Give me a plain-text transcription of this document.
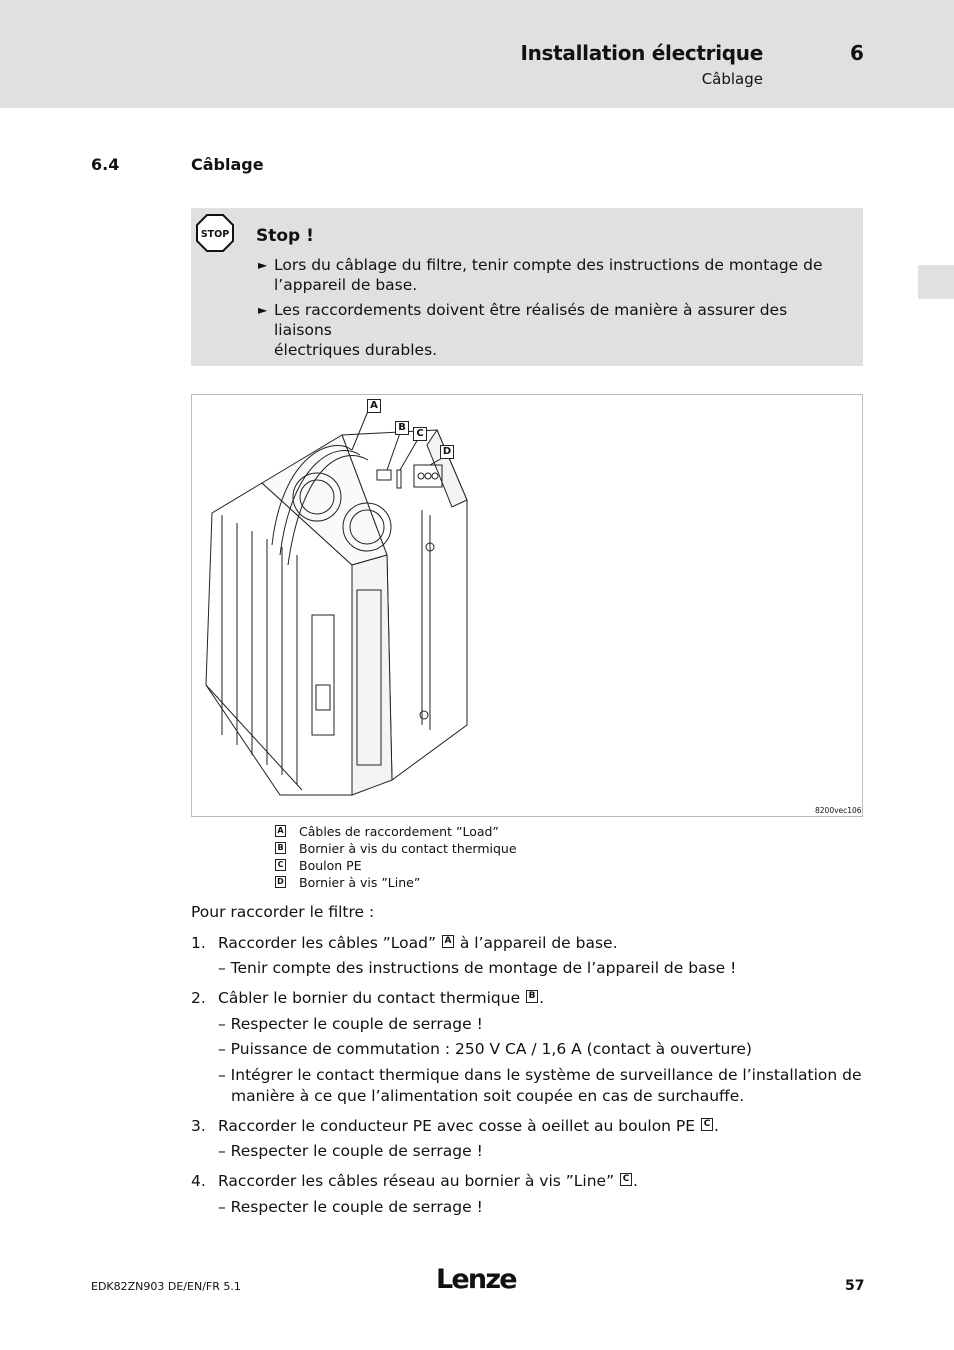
Installation électrique
Câblage
6
6.4	Câblage
STOP Stop !
► Lors du câblage du filtre, tenir compte des instructions de montage de
l’appareil de base.
► Les raccordements doivent être réalisés de manière à assurer des liaisons
électriques durables.
A
B
C
D
8200vec106
A Câbles de raccordement ”Load”
B Bornier à vis du contact thermique
C Boulon PE
D Bornier à vis ”Line”
Pour raccorder le filtre :
1. Raccorder les câbles ”Load” A à l’appareil de base.
– Tenir compte des instructions de montage de l’appareil de base !
2. Câbler le bornier du contact thermique B .
– Respecter le couple de serrage !
– Puissance de commutation : 250 V CA / 1,6 A (contact à ouverture)
– Intégrer le contact thermique dans le système de surveillance de l’installation de
manière à ce que l’alimentation soit coupée en cas de surchauffe.
3. Raccorder le conducteur PE avec cosse à oeillet au boulon PE C .
– Respecter le couple de serrage !
4. Raccorder les câbles réseau au bornier à vis ”Line” C .
– Respecter le couple de serrage !
EDK82ZN903 DE/EN/FR 5.1	Lenze	57
